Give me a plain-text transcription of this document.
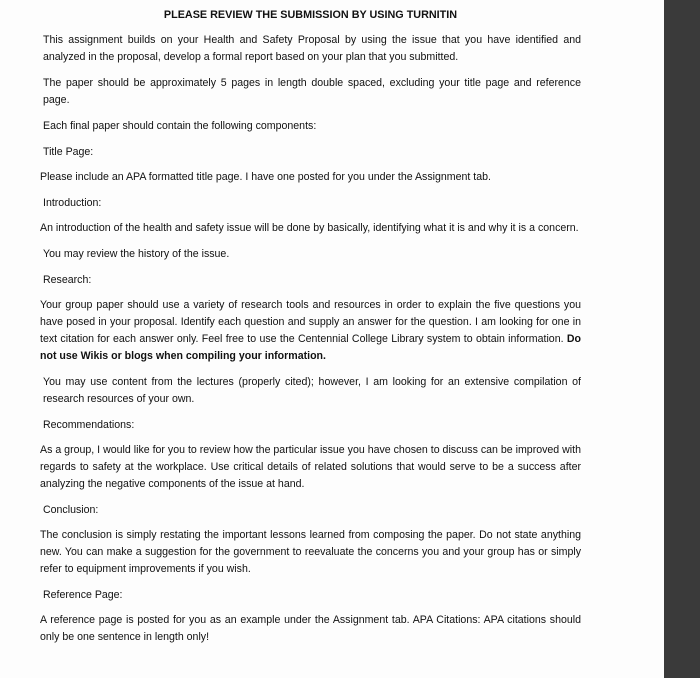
PLEASE REVIEW THE SUBMISSION BY USING TURNITIN

This assignment builds on your Health and Safety Proposal by using the issue that you have identified and analyzed in the proposal, develop a formal report based on your plan that you submitted.

The paper should be approximately 5 pages in length double spaced, excluding your title page and reference page.

Each final paper should contain the following components:

Title Page:

Please include an APA formatted title page. I have one posted for you under the Assignment tab.

Introduction:

An introduction of the health and safety issue will be done by basically, identifying what it is and why it is a concern.

You may review the history of the issue.

Research:

Your group paper should use a variety of research tools and resources in order to explain the five questions you have posed in your proposal. Identify each question and supply an answer for the question. I am looking for one in text citation for each answer only. Feel free to use the Centennial College Library system to obtain information. Do not use Wikis or blogs when compiling your information.

You may use content from the lectures (properly cited); however, I am looking for an extensive compilation of research resources of your own.

Recommendations:

As a group, I would like for you to review how the particular issue you have chosen to discuss can be improved with regards to safety at the workplace. Use critical details of related solutions that would serve to be a success after analyzing the negative components of the issue at hand.

Conclusion:

The conclusion is simply restating the important lessons learned from composing the paper. Do not state anything new. You can make a suggestion for the government to reevaluate the concerns you and your group has or simply refer to equipment improvements if you wish.

Reference Page:

A reference page is posted for you as an example under the Assignment tab. APA Citations: APA citations should only be one sentence in length only!
